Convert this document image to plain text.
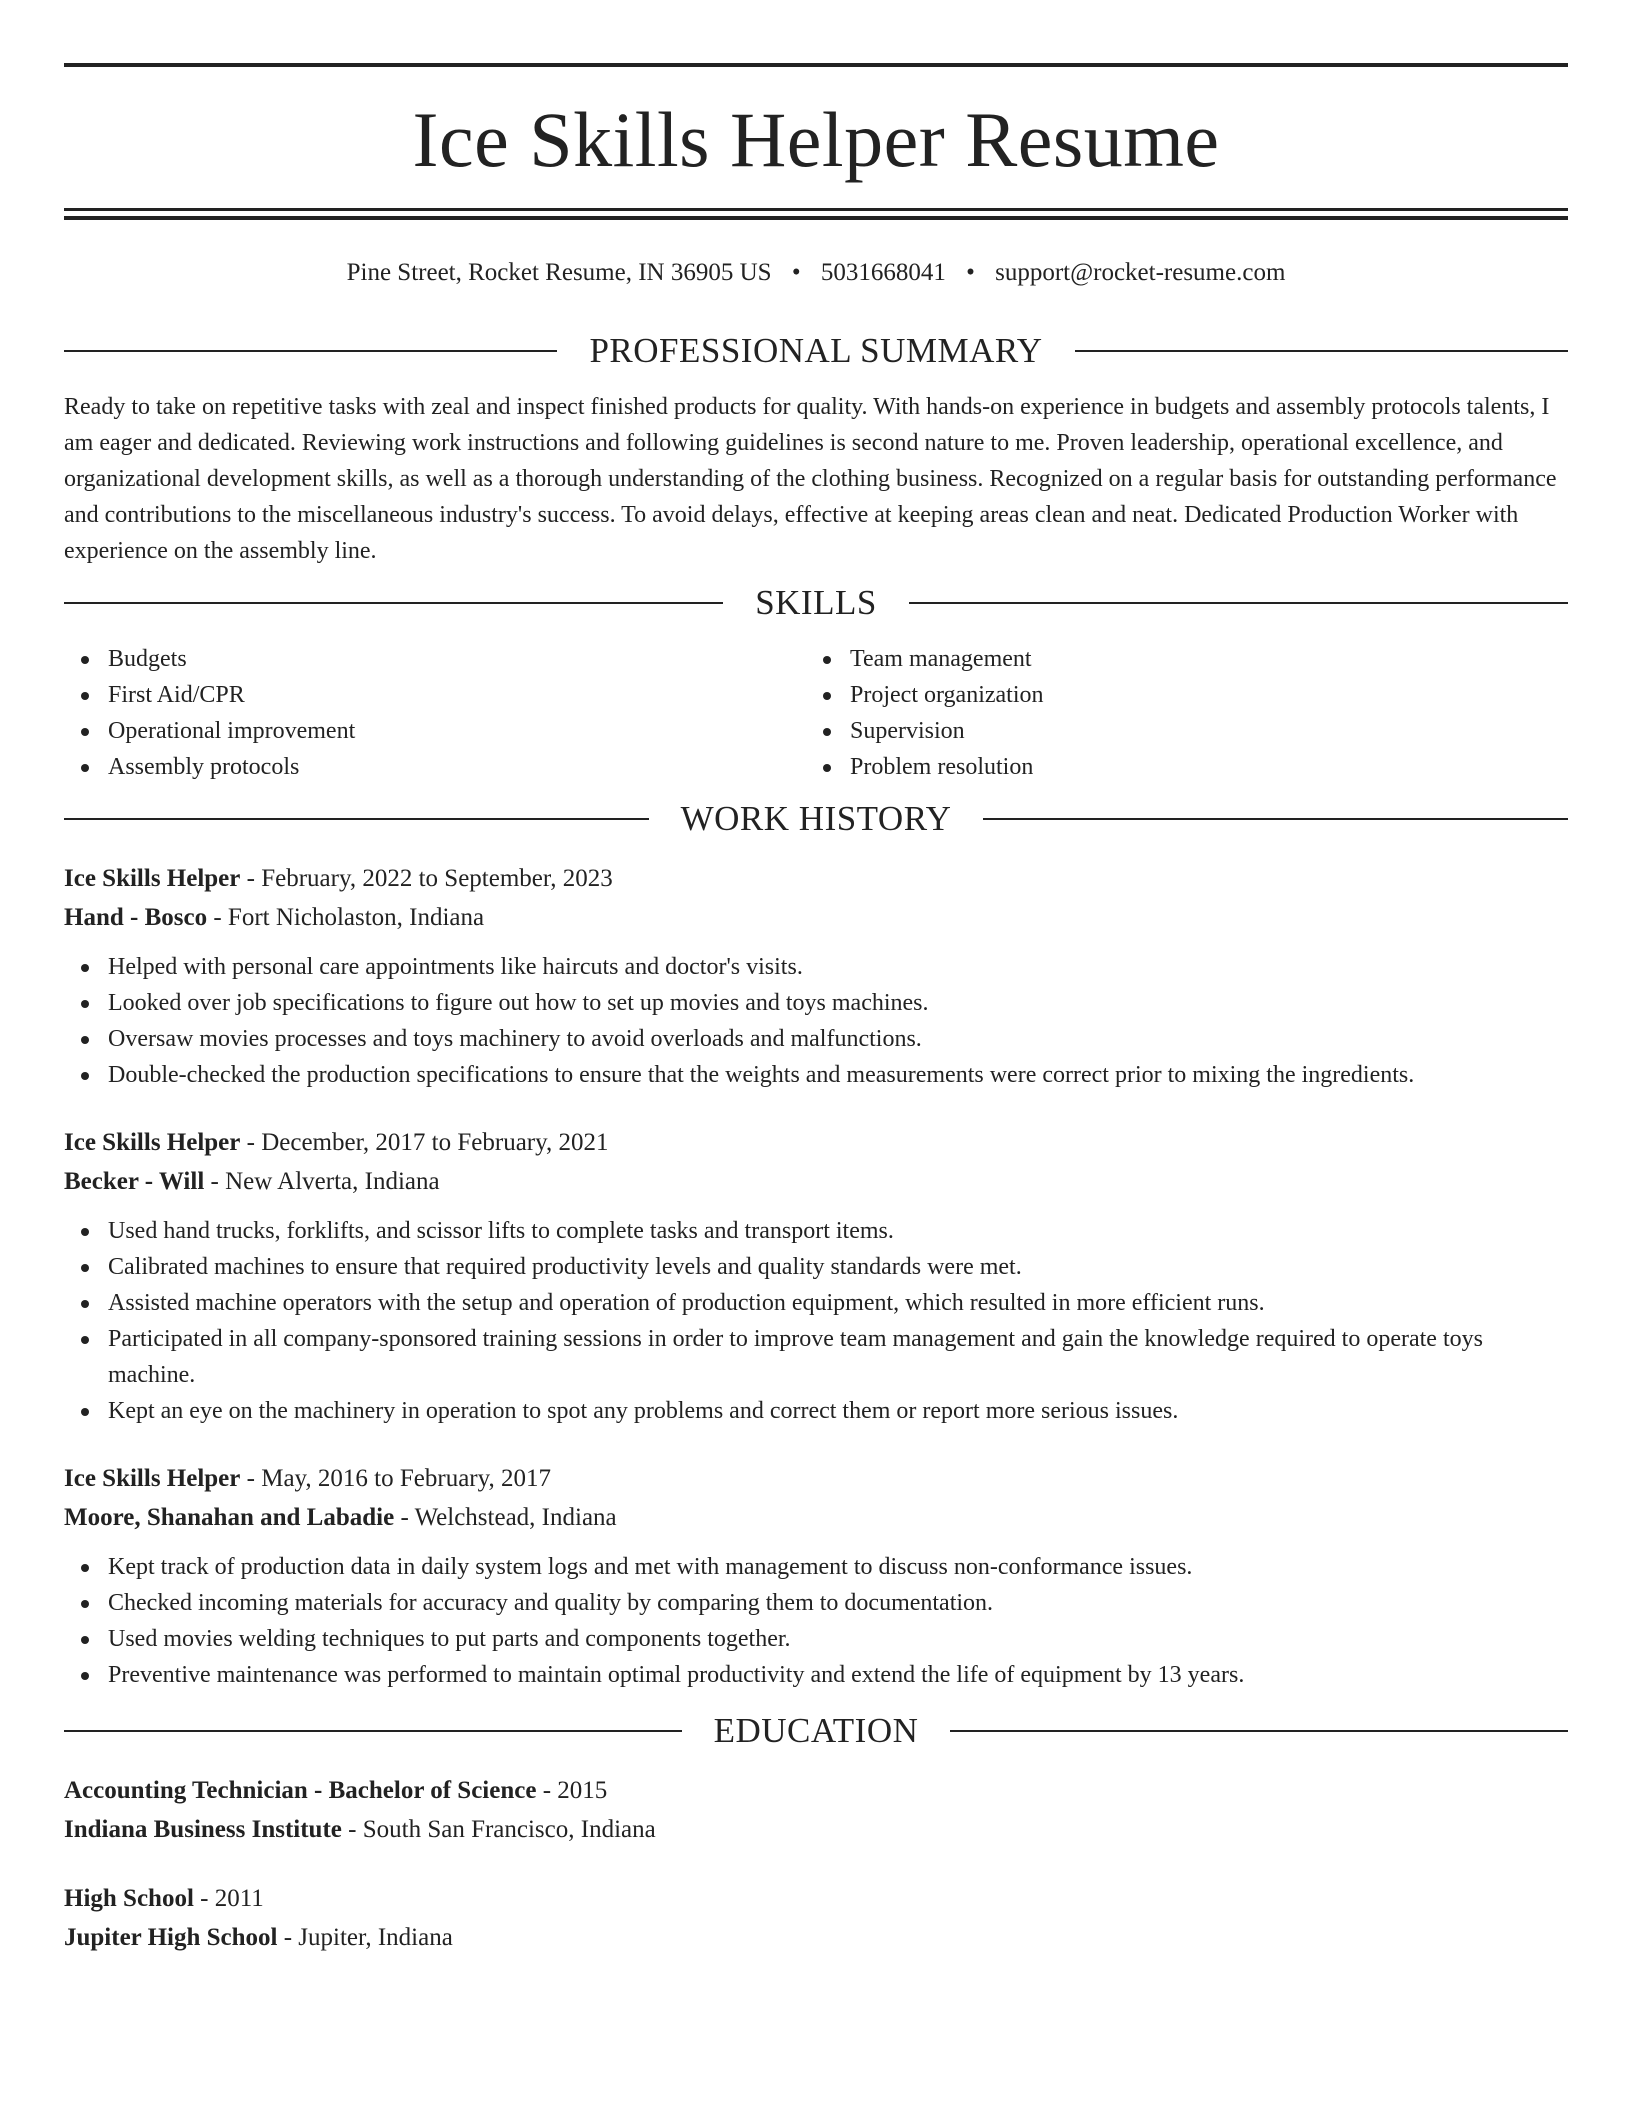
Ice Skills Helper Resume
Pine Street, Rocket Resume, IN 36905 US • 5031668041 • support@rocket-resume.com
PROFESSIONAL SUMMARY

Ready to take on repetitive tasks with zeal and inspect finished products for quality. With hands-on experience in budgets and assembly protocols talents, I am eager and dedicated. Reviewing work instructions and following guidelines is second nature to me. Proven leadership, operational excellence, and organizational development skills, as well as a thorough understanding of the clothing business. Recognized on a regular basis for outstanding performance and contributions to the miscellaneous industry's success. To avoid delays, effective at keeping areas clean and neat. Dedicated Production Worker with experience on the assembly line.

SKILLS
Budgets
First Aid/CPR
Operational improvement
Assembly protocols
Team management
Project organization
Supervision
Problem resolution
WORK HISTORY
Ice Skills Helper - February, 2022 to September, 2023
Hand - Bosco - Fort Nicholaston, Indiana
Helped with personal care appointments like haircuts and doctor's visits.
Looked over job specifications to figure out how to set up movies and toys machines.
Oversaw movies processes and toys machinery to avoid overloads and malfunctions.
Double-checked the production specifications to ensure that the weights and measurements were correct prior to mixing the ingredients.
Ice Skills Helper - December, 2017 to February, 2021
Becker - Will - New Alverta, Indiana
Used hand trucks, forklifts, and scissor lifts to complete tasks and transport items.
Calibrated machines to ensure that required productivity levels and quality standards were met.
Assisted machine operators with the setup and operation of production equipment, which resulted in more efficient runs.
Participated in all company-sponsored training sessions in order to improve team management and gain the knowledge required to operate toys machine.
Kept an eye on the machinery in operation to spot any problems and correct them or report more serious issues.
Ice Skills Helper - May, 2016 to February, 2017
Moore, Shanahan and Labadie - Welchstead, Indiana
Kept track of production data in daily system logs and met with management to discuss non-conformance issues.
Checked incoming materials for accuracy and quality by comparing them to documentation.
Used movies welding techniques to put parts and components together.
Preventive maintenance was performed to maintain optimal productivity and extend the life of equipment by 13 years.
EDUCATION
Accounting Technician - Bachelor of Science - 2015
Indiana Business Institute - South San Francisco, Indiana
High School - 2011
Jupiter High School - Jupiter, Indiana
